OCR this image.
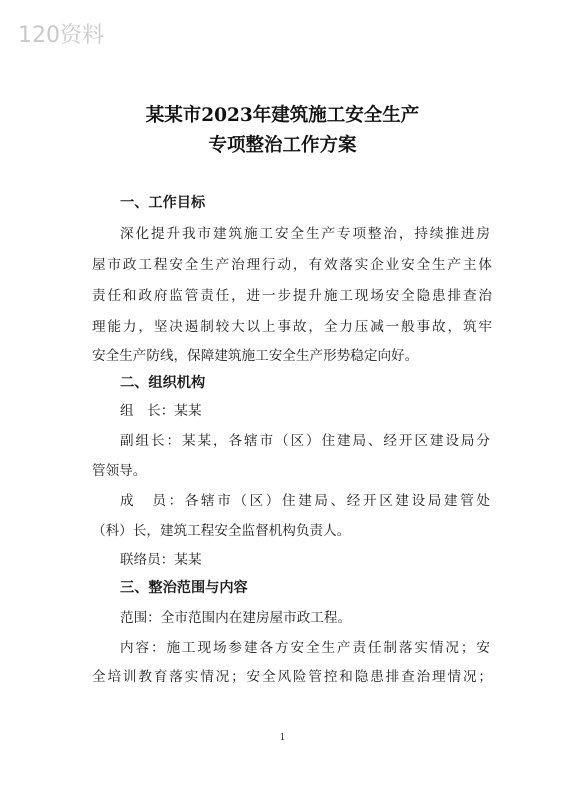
120资料
某某市2023年建筑施工安全生产
专项整治工作方案
一、工作目标
深化提升我市建筑施工安全生产专项整治，持续推进房
屋市政工程安全生产治理行动，有效落实企业安全生产主体
责任和政府监管责任，进一步提升施工现场安全隐患排查治
理能力，坚决遏制较大以上事故，全力压减一般事故，筑牢
安全生产防线，保障建筑施工安全生产形势稳定向好。
二、组织机构
组　长：某某
副组长：某某，各辖市（区）住建局、经开区建设局分
管领导。
成　员：各辖市（区）住建局、经开区建设局建管处
（科）长，建筑工程安全监督机构负责人。
联络员：某某
三、整治范围与内容
范围：全市范围内在建房屋市政工程。
内容：施工现场参建各方安全生产责任制落实情况；安
全培训教育落实情况；安全风险管控和隐患排查治理情况；
1
